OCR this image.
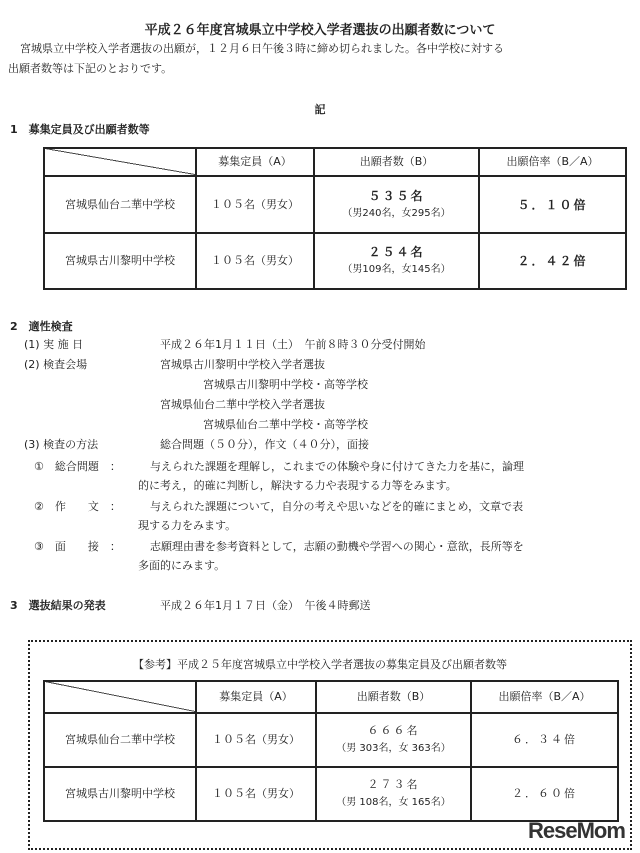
平成２６年度宮城県立中学校入学者選抜の出願者数について
宮城県立中学校入学者選抜の出願が，１２月６日午後３時に締め切られました。各中学校に対する
出願者数等は下記のとおりです。
記
1　募集定員及び出願者数等
	募集定員（A）	出願者数（B）	出願倍率（B／A）
宮城県仙台二華中学校	１０５名（男女）	５３５名
（男240名，女295名）	５．１０倍
宮城県古川黎明中学校	１０５名（男女）	２５４名
（男109名，女145名）	２．４２倍
2　適性検査
(1) 実 施 日	平成２６年1月１１日（土）　午前８時３０分受付開始
(2) 検査会場	宮城県古川黎明中学校入学者選抜
宮城県古川黎明中学校・高等学校
宮城県仙台二華中学校入学者選抜
宮城県仙台二華中学校・高等学校
(3) 検査の方法	総合問題（５０分），作文（４０分），面接
①　総合問題　：	与えられた課題を理解し，これまでの体験や身に付けてきた力を基に，論理
的に考え，的確に判断し，解決する力や表現する力等をみます。
②　作　　文　：	与えられた課題について，自分の考えや思いなどを的確にまとめ，文章で表
現する力をみます。
③　面　　接　：	志願理由書を参考資料として，志願の動機や学習への関心・意欲，長所等を
多面的にみます。
3　選抜結果の発表	平成２６年1月１７日（金）　午後４時郵送
【参考】平成２５年度宮城県立中学校入学者選抜の募集定員及び出願者数等
	募集定員（A）	出願者数（B）	出願倍率（B／A）
宮城県仙台二華中学校	１０５名（男女）	６６６名
（男 303名，女 363名）	６．３４倍
宮城県古川黎明中学校	１０５名（男女）	２７３名
（男 108名，女 165名）	２．６０倍
ReseMom
